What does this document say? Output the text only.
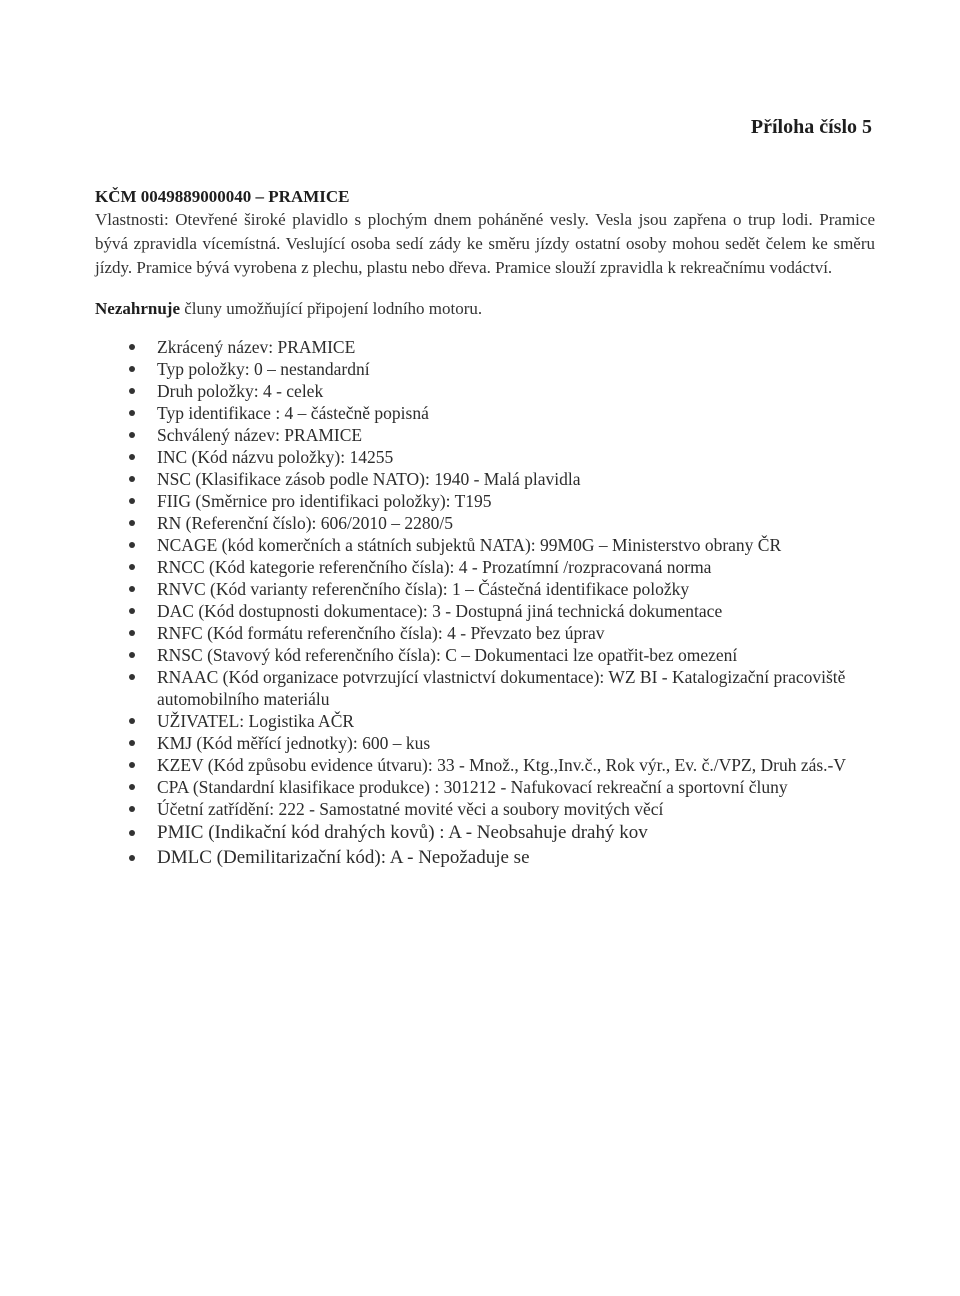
Příloha číslo 5
KČM 0049889000040 – PRAMICE

Vlastnosti: Otevřené široké plavidlo s plochým dnem poháněné vesly. Vesla jsou zapřena o trup lodi. Pramice bývá zpravidla vícemístná. Veslující osoba sedí zády ke směru jízdy ostatní osoby mohou sedět čelem ke směru jízdy. Pramice bývá vyrobena z plechu, plastu nebo dřeva. Pramice slouží zpravidla k rekreačnímu vodáctví.

Nezahrnuje čluny umožňující připojení lodního motoru.

Zkrácený název: PRAMICE
Typ položky: 0 – nestandardní
Druh položky: 4 - celek
Typ identifikace : 4 – částečně popisná
Schválený název: PRAMICE
INC (Kód názvu položky): 14255
NSC (Klasifikace zásob podle NATO): 1940 - Malá plavidla
FIIG (Směrnice pro identifikaci položky): T195
RN (Referenční číslo): 606/2010 – 2280/5
NCAGE (kód komerčních a státních subjektů NATA): 99M0G – Ministerstvo obrany ČR
RNCC (Kód kategorie referenčního čísla): 4 - Prozatímní /rozpracovaná norma
RNVC (Kód varianty referenčního čísla): 1 – Částečná identifikace položky
DAC (Kód dostupnosti dokumentace): 3 - Dostupná jiná technická dokumentace
RNFC (Kód formátu referenčního čísla): 4 - Převzato bez úprav
RNSC (Stavový kód referenčního čísla): C – Dokumentaci lze opatřit-bez omezení
RNAAC (Kód organizace potvrzující vlastnictví dokumentace): WZ BI - Katalogizační pracoviště automobilního materiálu
UŽIVATEL: Logistika AČR
KMJ (Kód měřící jednotky): 600 – kus
KZEV (Kód způsobu evidence útvaru): 33 - Množ., Ktg.,Inv.č., Rok výr., Ev. č./VPZ, Druh zás.-V
CPA (Standardní klasifikace produkce) : 301212 - Nafukovací rekreační a sportovní čluny
Účetní zatřídění: 222 - Samostatné movité věci a soubory movitých věcí
PMIC (Indikační kód drahých kovů) : A - Neobsahuje drahý kov
DMLC (Demilitarizační kód): A - Nepožaduje se
